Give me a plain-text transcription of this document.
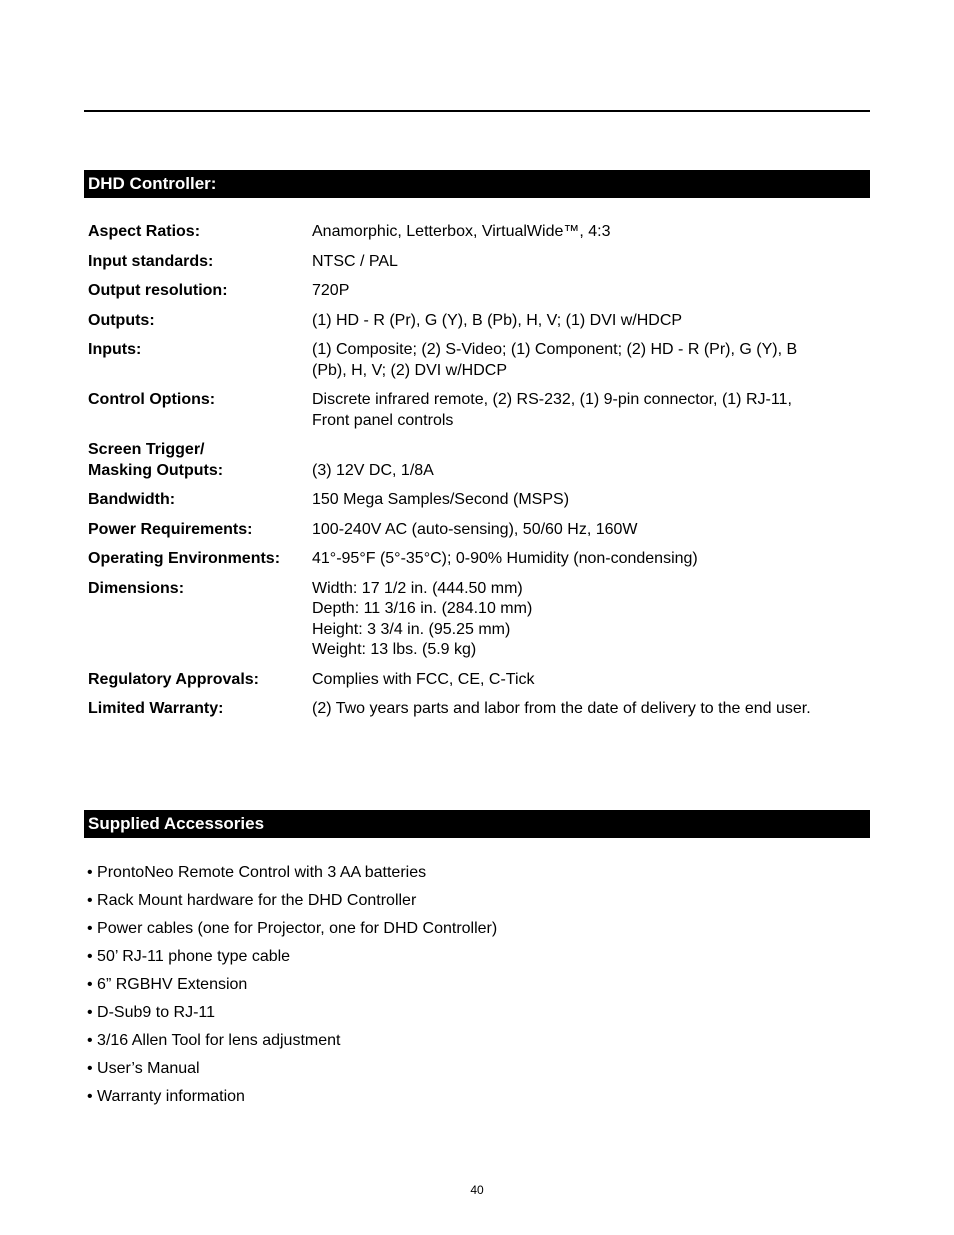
DHD Controller:
Aspect Ratios:	Anamorphic, Letterbox, VirtualWide™, 4:3
Input standards:	NTSC / PAL
Output resolution:	720P
Outputs:	(1) HD - R (Pr), G (Y), B (Pb), H, V; (1) DVI w/HDCP
Inputs:	(1) Composite; (2) S-Video; (1) Component; (2) HD - R (Pr), G (Y), B
(Pb), H, V; (2) DVI w/HDCP
Control Options:	Discrete infrared remote, (2) RS-232, (1) 9-pin connector, (1) RJ-11,
Front panel controls
Screen Trigger/
Masking Outputs:	(3) 12V DC, 1/8A
Bandwidth:	150 Mega Samples/Second (MSPS)
Power Requirements:	100-240V AC (auto-sensing), 50/60 Hz, 160W
Operating Environments:	41°-95°F (5°-35°C); 0-90% Humidity (non-condensing)
Dimensions:	Width: 17 1/2 in. (444.50 mm)
Depth: 11 3/16 in. (284.10 mm)
Height: 3 3/4 in. (95.25 mm)
Weight: 13 lbs. (5.9 kg)
Regulatory Approvals:	Complies with FCC, CE, C-Tick
Limited Warranty:	(2) Two years parts and labor from the date of delivery to the end user.
Supplied Accessories
• ProntoNeo Remote Control with 3 AA batteries
• Rack Mount hardware for the DHD Controller
• Power cables (one for Projector, one for DHD Controller)
• 50’ RJ-11 phone type cable
• 6” RGBHV Extension
• D-Sub9 to RJ-11
• 3/16 Allen Tool for lens adjustment
• User’s Manual
• Warranty information
40
